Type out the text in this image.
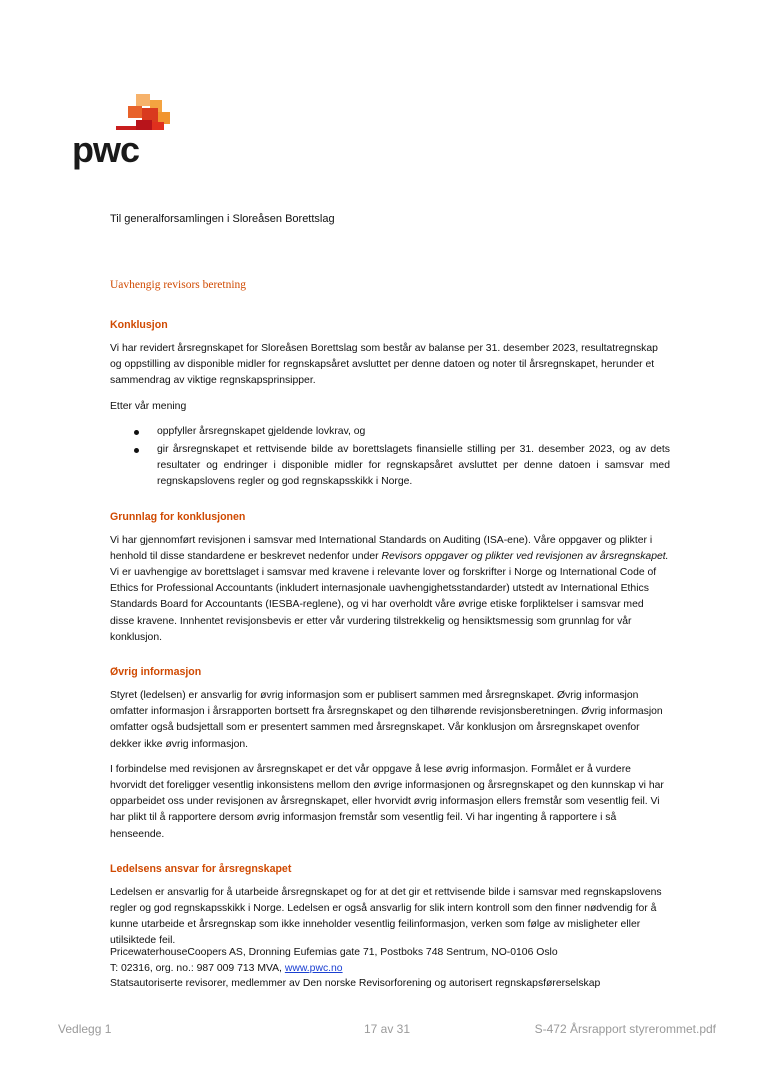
pwc
Til generalforsamlingen i Sloreåsen Borettslag
Uavhengig revisors beretning
Konklusjon

Vi har revidert årsregnskapet for Sloreåsen Borettslag som består av balanse per 31. desember 2023, resultatregnskap og oppstilling av disponible midler for regnskapsåret avsluttet per denne datoen og noter til årsregnskapet, herunder et sammendrag av viktige regnskapsprinsipper.

Etter vår mening

oppfyller årsregnskapet gjeldende lovkrav, og
gir årsregnskapet et rettvisende bilde av borettslagets finansielle stilling per 31. desember 2023, og av dets resultater og endringer i disponible midler for regnskapsåret avsluttet per denne datoen i samsvar med regnskapslovens regler og god regnskapsskikk i Norge.
Grunnlag for konklusjonen

Vi har gjennomført revisjonen i samsvar med International Standards on Auditing (ISA-ene). Våre oppgaver og plikter i henhold til disse standardene er beskrevet nedenfor under Revisors oppgaver og plikter ved revisjonen av årsregnskapet. Vi er uavhengige av borettslaget i samsvar med kravene i relevante lover og forskrifter i Norge og International Code of Ethics for Professional Accountants (inkludert internasjonale uavhengighetsstandarder) utstedt av International Ethics Standards Board for Accountants (IESBA-reglene), og vi har overholdt våre øvrige etiske forpliktelser i samsvar med disse kravene. Innhentet revisjonsbevis er etter vår vurdering tilstrekkelig og hensiktsmessig som grunnlag for vår konklusjon.

Øvrig informasjon

Styret (ledelsen) er ansvarlig for øvrig informasjon som er publisert sammen med årsregnskapet. Øvrig informasjon omfatter informasjon i årsrapporten bortsett fra årsregnskapet og den tilhørende revisjonsberetningen. Øvrig informasjon omfatter også budsjettall som er presentert sammen med årsregnskapet. Vår konklusjon om årsregnskapet ovenfor dekker ikke øvrig informasjon.

I forbindelse med revisjonen av årsregnskapet er det vår oppgave å lese øvrig informasjon. Formålet er å vurdere hvorvidt det foreligger vesentlig inkonsistens mellom den øvrige informasjonen og årsregnskapet og den kunnskap vi har opparbeidet oss under revisjonen av årsregnskapet, eller hvorvidt øvrig informasjon ellers fremstår som vesentlig feil. Vi har plikt til å rapportere dersom øvrig informasjon fremstår som vesentlig feil. Vi har ingenting å rapportere i så henseende.

Ledelsens ansvar for årsregnskapet

Ledelsen er ansvarlig for å utarbeide årsregnskapet og for at det gir et rettvisende bilde i samsvar med regnskapslovens regler og god regnskapsskikk i Norge. Ledelsen er også ansvarlig for slik intern kontroll som den finner nødvendig for å kunne utarbeide et årsregnskap som ikke inneholder vesentlig feilinformasjon, verken som følge av misligheter eller utilsiktede feil.

PricewaterhouseCoopers AS, Dronning Eufemias gate 71, Postboks 748 Sentrum, NO-0106 Oslo
T: 02316, org. no.: 987 009 713 MVA, www.pwc.no
Statsautoriserte revisorer, medlemmer av Den norske Revisorforening og autorisert regnskapsførerselskap
Vedlegg 1	17 av 31	S-472 Årsrapport styrerommet.pdf
